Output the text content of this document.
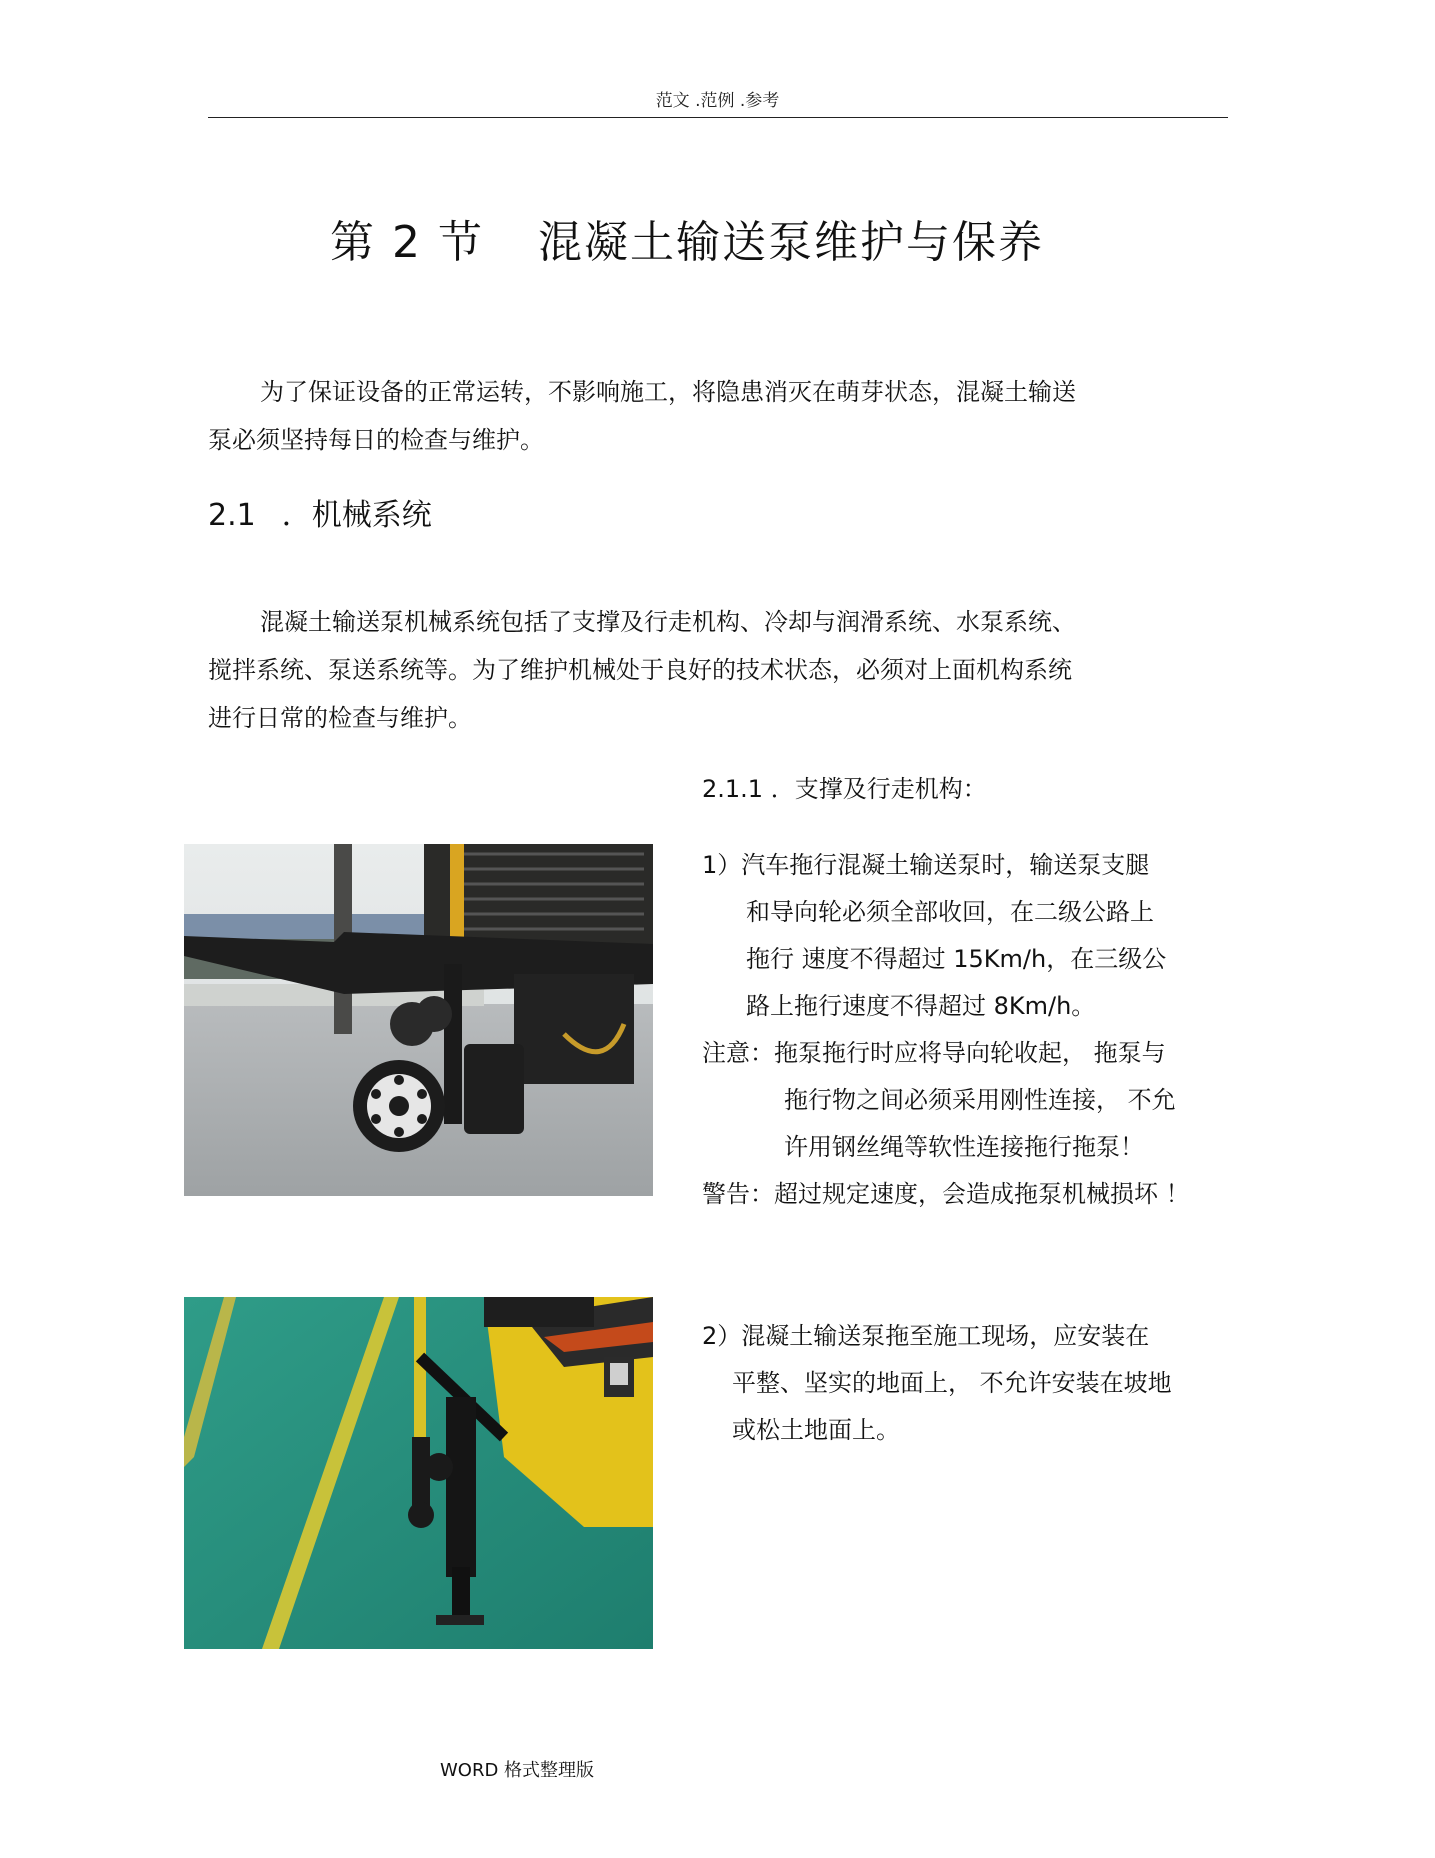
范文 .范例 .参考
第 2 节 混凝土输送泵维护与保养
为了保证设备的正常运转，不影响施工，将隐患消灭在萌芽状态，混凝土输送
泵必须坚持每日的检查与维护。
2.1 ．机械系统
混凝土输送泵机械系统包括了支撑及行走机构、冷却与润滑系统、水泵系统、
搅拌系统、泵送系统等。为了维护机械处于良好的技术状态，必须对上面机构系统
进行日常的检查与维护。
2.1.1 ．支撑及行走机构：
1）汽车拖行混凝土输送泵时，输送泵支腿
和导向轮必须全部收回，在二级公路上
拖行 速度不得超过 15Km/h，在三级公
路上拖行速度不得超过 8Km/h。
注意：拖泵拖行时应将导向轮收起， 拖泵与
拖行物之间必须采用刚性连接， 不允
许用钢丝绳等软性连接拖行拖泵！
警告：超过规定速度，会造成拖泵机械损坏 ！
2）混凝土输送泵拖至施工现场，应安装在
平整、坚实的地面上， 不允许安装在坡地
或松土地面上。
WORD 格式整理版
